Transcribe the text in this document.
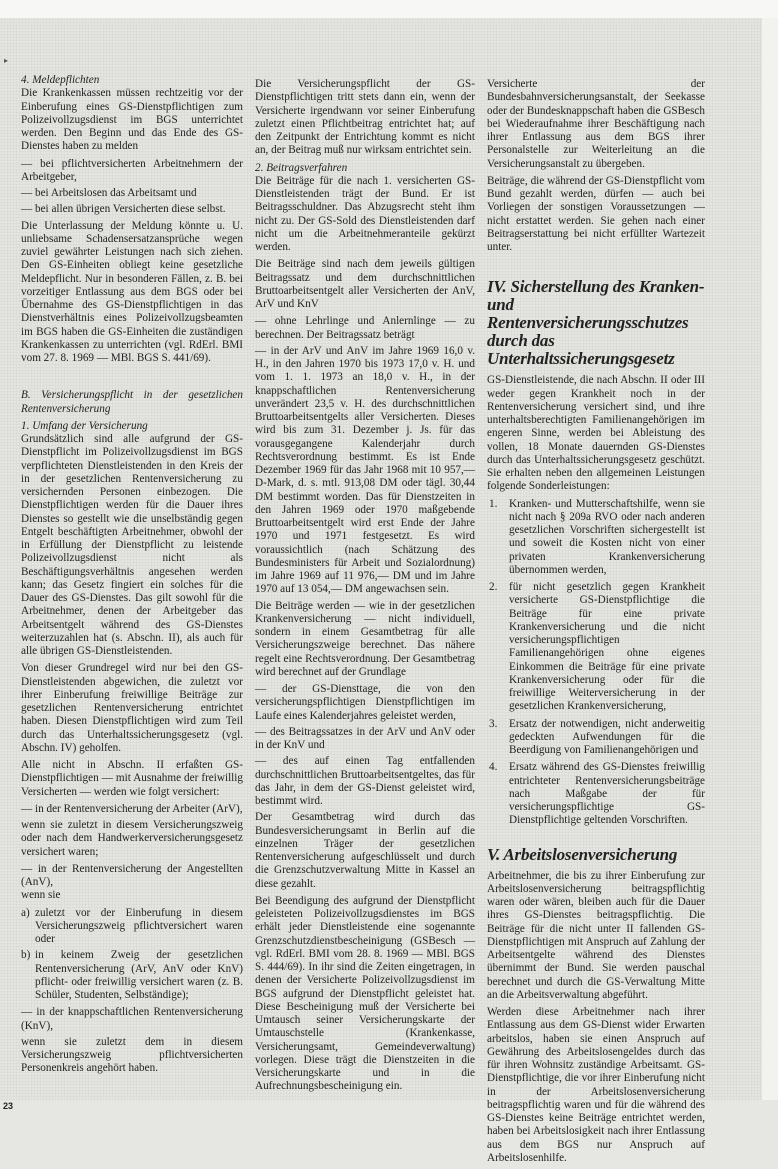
▸

4. Meldepflichten

Die Krankenkassen müssen rechtzeitig vor der Einberufung eines GS-Dienstpflichtigen zum Polizeivollzugsdienst im BGS unterrichtet werden. Den Beginn und das Ende des GS-Dienstes haben zu melden

— bei pflichtversicherten Arbeitnehmern der Arbeitgeber,

— bei Arbeitslosen das Arbeitsamt und

— bei allen übrigen Versicherten diese selbst.

Die Unterlassung der Meldung könnte u. U. unliebsame Schadensersatzansprüche wegen zuviel gewährter Leistungen nach sich ziehen. Den GS-Einheiten obliegt keine gesetzliche Meldepflicht. Nur in besonderen Fällen, z. B. bei vorzeitiger Entlassung aus dem BGS oder bei Übernahme des GS-Dienstpflichtigen in das Dienstverhältnis eines Polizeivollzugsbeamten im BGS haben die GS-Einheiten die zuständigen Krankenkassen zu unterrichten (vgl. RdErl. BMI vom 27. 8. 1969 — MBl. BGS S. 441/69).

B. Versicherungspflicht in der gesetzlichen Rentenversicherung

1. Umfang der Versicherung

Grundsätzlich sind alle aufgrund der GS-Dienstpflicht im Polizeivollzugsdienst im BGS verpflichteten Dienstleistenden in den Kreis der in der gesetzlichen Rentenversicherung zu versichernden Personen einbezogen. Die Dienstpflichtigen werden für die Dauer ihres Dienstes so gestellt wie die unselbständig gegen Entgelt beschäftigten Arbeitnehmer, obwohl der in Erfüllung der Dienstpflicht zu leistende Polizeivollzugsdienst nicht als Beschäftigungsverhältnis angesehen werden kann; das Gesetz fingiert ein solches für die Dauer des GS-Dienstes. Das gilt sowohl für die Arbeitnehmer, denen der Arbeitgeber das Arbeitsentgelt während des GS-Dienstes weiterzuzahlen hat (s. Abschn. II), als auch für alle übrigen GS-Dienstleistenden.

Von dieser Grundregel wird nur bei den GS-Dienstleistenden abgewichen, die zuletzt vor ihrer Einberufung freiwillige Beiträge zur gesetzlichen Rentenversicherung entrichtet haben. Diesen Dienstpflichtigen wird zum Teil durch das Unterhaltssicherungsgesetz (vgl. Abschn. IV) geholfen.

Alle nicht in Abschn. II erfaßten GS-Dienstpflichtigen — mit Ausnahme der freiwillig Versicherten — werden wie folgt versichert:

— in der Rentenversicherung der Arbeiter (ArV),

wenn sie zuletzt in diesem Versicherungszweig oder nach dem Handwerkerversicherungsgesetz versichert waren;

— in der Rentenversicherung der Angestellten (AnV),

wenn sie

a) zuletzt vor der Einberufung in diesem Versicherungszweig pflichtversichert waren oder
b) in keinem Zweig der gesetzlichen Rentenversicherung (ArV, AnV oder KnV) pflicht- oder freiwillig versichert waren (z. B. Schüler, Studenten, Selbständige);

— in der knappschaftlichen Rentenversicherung (KnV),

wenn sie zuletzt dem in diesem Versicherungszweig pflichtversicherten Personenkreis angehört haben.

Die Versicherungspflicht der GS-Dienstpflichtigen tritt stets dann ein, wenn der Versicherte irgendwann vor seiner Einberufung zuletzt einen Pflichtbeitrag entrichtet hat; auf den Zeitpunkt der Entrichtung kommt es nicht an, der Beitrag muß nur wirksam entrichtet sein.

2. Beitragsverfahren

Die Beiträge für die nach 1. versicherten GS-Dienstleistenden trägt der Bund. Er ist Beitragsschuldner. Das Abzugsrecht steht ihm nicht zu. Der GS-Sold des Dienstleistenden darf nicht um die Arbeitnehmeranteile gekürzt werden.

Die Beiträge sind nach dem jeweils gültigen Beitragssatz und dem durchschnittlichen Bruttoarbeitsentgelt aller Versicherten der AnV, ArV und KnV

— ohne Lehrlinge und Anlernlinge — zu berechnen. Der Beitragssatz beträgt

— in der ArV und AnV im Jahre 1969 16,0 v. H., in den Jahren 1970 bis 1973 17,0 v. H. und vom 1. 1. 1973 an 18,0 v. H., in der knappschaftlichen Rentenversicherung unverändert 23,5 v. H. des durchschnittlichen Bruttoarbeitsentgelts aller Versicherten. Dieses wird bis zum 31. Dezember j. Js. für das vorausgegangene Kalenderjahr durch Rechtsverordnung bestimmt. Es ist Ende Dezember 1969 für das Jahr 1968 mit 10 957,— D-Mark, d. s. mtl. 913,08 DM oder tägl. 30,44 DM bestimmt worden. Das für Dienstzeiten in den Jahren 1969 oder 1970 maßgebende Bruttoarbeitsentgelt wird erst Ende der Jahre 1970 und 1971 festgesetzt. Es wird voraussichtlich (nach Schätzung des Bundesministers für Arbeit und Sozialordnung) im Jahre 1969 auf 11 976,— DM und im Jahre 1970 auf 13 054,— DM angewachsen sein.

Die Beiträge werden — wie in der gesetzlichen Krankenversicherung — nicht individuell, sondern in einem Gesamtbetrag für alle Versicherungszweige berechnet. Das nähere regelt eine Rechtsverordnung. Der Gesamtbetrag wird berechnet auf der Grundlage

— der GS-Diensttage, die von den versicherungspflichtigen Dienstpflichtigen im Laufe eines Kalenderjahres geleistet werden,

— des Beitragssatzes in der ArV und AnV oder in der KnV und

— des auf einen Tag entfallenden durchschnittlichen Bruttoarbeitsentgeltes, das für das Jahr, in dem der GS-Dienst geleistet wird, bestimmt wird.

Der Gesamtbetrag wird durch das Bundesversicherungsamt in Berlin auf die einzelnen Träger der gesetzlichen Rentenversicherung aufgeschlüsselt und durch die Grenzschutzverwaltung Mitte in Kassel an diese gezahlt.

Bei Beendigung des aufgrund der Dienstpflicht geleisteten Polizeivollzugsdienstes im BGS erhält jeder Dienstleistende eine sogenannte Grenzschutzdienstbescheinigung (GSBesch — vgl. RdErl. BMI vom 28. 8. 1969 — MBl. BGS S. 444/69). In ihr sind die Zeiten eingetragen, in denen der Versicherte Polizeivollzugsdienst im BGS aufgrund der Dienstpflicht geleistet hat. Diese Bescheinigung muß der Versicherte bei Umtausch seiner Versicherungskarte der Umtauschstelle (Krankenkasse, Versicherungsamt, Gemeindeverwaltung) vorlegen. Diese trägt die Dienstzeiten in die Versicherungskarte und in die Aufrechnungsbescheinigung ein.

Versicherte der Bundesbahnversicherungsanstalt, der Seekasse oder der Bundesknappschaft haben die GSBesch bei Wiederaufnahme ihrer Beschäftigung nach ihrer Entlassung aus dem BGS ihrer Personalstelle zur Weiterleitung an die Versicherungsanstalt zu übergeben.

Beiträge, die während der GS-Dienstpflicht vom Bund gezahlt werden, dürfen — auch bei Vorliegen der sonstigen Voraussetzungen — nicht erstattet werden. Sie gehen nach einer Beitragserstattung bei nicht erfüllter Wartezeit unter.

IV. Sicherstellung des Kranken- und Rentenversicherungsschutzes durch das Unterhaltssicherungsgesetz

GS-Dienstleistende, die nach Abschn. II oder III weder gegen Krankheit noch in der Rentenversicherung versichert sind, und ihre unterhaltsberechtigten Familienangehörigen im engeren Sinne, werden bei Ableistung des vollen, 18 Monate dauernden GS-Dienstes durch das Unterhaltssicherungsgesetz geschützt. Sie erhalten neben den allgemeinen Leistungen folgende Sonderleistungen:

1. Kranken- und Mutterschaftshilfe, wenn sie nicht nach § 209a RVO oder nach anderen gesetzlichen Vorschriften sichergestellt ist und soweit die Kosten nicht von einer privaten Krankenversicherung übernommen werden,
2. für nicht gesetzlich gegen Krankheit versicherte GS-Dienstpflichtige die Beiträge für eine private Krankenversicherung und die nicht versicherungspflichtigen Familienangehörigen ohne eigenes Einkommen die Beiträge für eine private Krankenversicherung oder für die freiwillige Weiterversicherung in der gesetzlichen Krankenversicherung,
3. Ersatz der notwendigen, nicht anderweitig gedeckten Aufwendungen für die Beerdigung von Familienangehörigen und
4. Ersatz während des GS-Dienstes freiwillig entrichteter Rentenversicherungsbeiträge nach Maßgabe der für versicherungspflichtige GS-Dienstpflichtige geltenden Vorschriften.
V. Arbeitslosenversicherung

Arbeitnehmer, die bis zu ihrer Einberufung zur Arbeitslosenversicherung beitragspflichtig waren oder wären, bleiben auch für die Dauer ihres GS-Dienstes beitragspflichtig. Die Beiträge für die nicht unter II fallenden GS-Dienstpflichtigen mit Anspruch auf Zahlung der Arbeitsentgelte während des Dienstes übernimmt der Bund. Sie werden pauschal berechnet und durch die GS-Verwaltung Mitte an die Arbeitsverwaltung abgeführt.

Werden diese Arbeitnehmer nach ihrer Entlassung aus dem GS-Dienst wider Erwarten arbeitslos, haben sie einen Anspruch auf Gewährung des Arbeitslosengeldes durch das für ihren Wohnsitz zuständige Arbeitsamt. GS-Dienstpflichtige, die vor ihrer Einberufung nicht in der Arbeitslosenversicherung beitragspflichtig waren und für die während des GS-Dienstes keine Beiträge entrichtet werden, haben bei Arbeitslosigkeit nach ihrer Entlassung aus dem BGS nur Anspruch auf Arbeitslosenhilfe.

23
